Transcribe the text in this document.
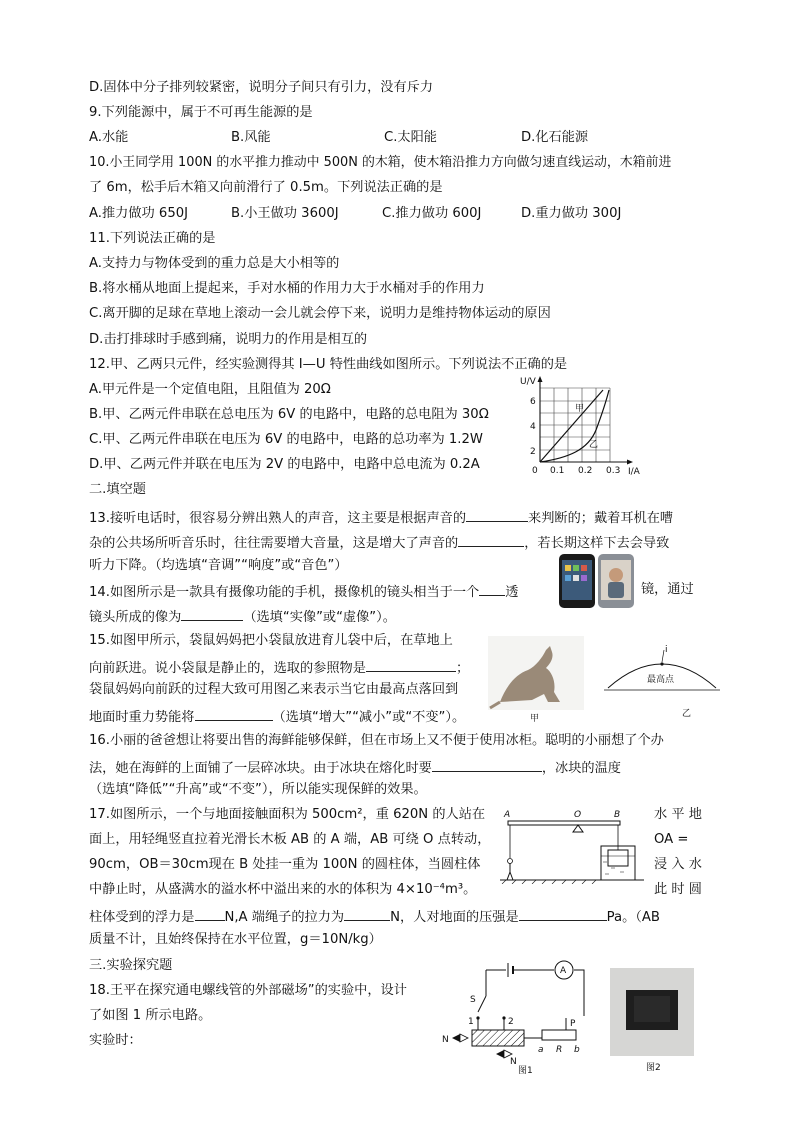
D.固体中分子排列较紧密，说明分子间只有引力，没有斥力
9.下列能源中，属于不可再生能源的是
A.水能	B.风能	C.太阳能	D.化石能源
10.小王同学用 100N 的水平推力推动中 500N 的木箱，使木箱沿推力方向做匀速直线运动，木箱前进
了 6m，松手后木箱又向前滑行了 0.5m。下列说法正确的是
A.推力做功 650J	B.小王做功 3600J	C.推力做功 600J	D.重力做功 300J
11.下列说法正确的是
A.支持力与物体受到的重力总是大小相等的
B.将水桶从地面上提起来，手对水桶的作用力大于水桶对手的作用力
C.离开脚的足球在草地上滚动一会儿就会停下来，说明力是维持物体运动的原因
D.击打排球时手感到痛，说明力的作用是相互的
12.甲、乙两只元件，经实验测得其 I—U 特性曲线如图所示。下列说法不正确的是
A.甲元件是一个定值电阻，且阻值为 20Ω
B.甲、乙两元件串联在总电压为 6V 的电路中，电路的总电阻为 30Ω
C.甲、乙两元件串联在电压为 6V 的电路中，电路的总功率为 1.2W
D.甲、乙两元件并联在电压为 2V 的电路中，电路中总电流为 0.2A
U/V
I/A
6
4
2
0 0.1 0.2 0.3
甲
乙
二.填空题
13.接听电话时，很容易分辨出熟人的声音，这主要是根据声音的	来判断的；戴着耳机在嘈
杂的公共场所听音乐时，往往需要增大音量，这是增大了声音的	，若长期这样下去会导致
听力下降。（均选填“音调”“响度”或“音色”）
14.如图所示是一款具有摄像功能的手机，摄像机的镜头相当于一个 透	镜，通过
镜头所成的像为	（选填“实像”或“虚像”）。
15.如图甲所示，袋鼠妈妈把小袋鼠放进育儿袋中后，在草地上
向前跃进。说小袋鼠是静止的，选取的参照物是	；
袋鼠妈妈向前跃的过程大致可用图乙来表示当它由最高点落回到
地面时重力势能将	（选填“增大”“减小”或“不变”）。	甲
i
最高点
乙
16.小丽的爸爸想让将要出售的海鲜能够保鲜，但在市场上又不便于使用冰柜。聪明的小丽想了个办
法，她在海鲜的上面铺了一层碎冰块。由于冰块在熔化时要	，冰块的温度
（选填“降低”“升高”或“不变”），所以能实现保鲜的效果。
17.如图所示，一个与地面接触面积为 500cm²，重 620N 的人站在	水 平 地
面上，用轻绳竖直拉着光滑长木板 AB 的 A 端，AB 可绕 O 点转动，	OA =
90cm，OB＝30cm现在 B 处挂一重为 100N 的圆柱体，当圆柱体	浸 入 水
中静止时，从盛满水的溢水杯中溢出来的水的体积为 4×10⁻⁴m³。	此 时 圆
柱体受到的浮力是 N,A 端绳子的拉力为	N，人对地面的压强是	Pa。（AB
质量不计，且始终保持在水平位置，g＝10N/kg）
A	O	B
三.实验探究题
18.王平在探究通电螺线管的外部磁场”的实验中，设计
了如图 1 所示电路。
实验时：
A
S
1	2	P
N
N
a R b
图1	图2
